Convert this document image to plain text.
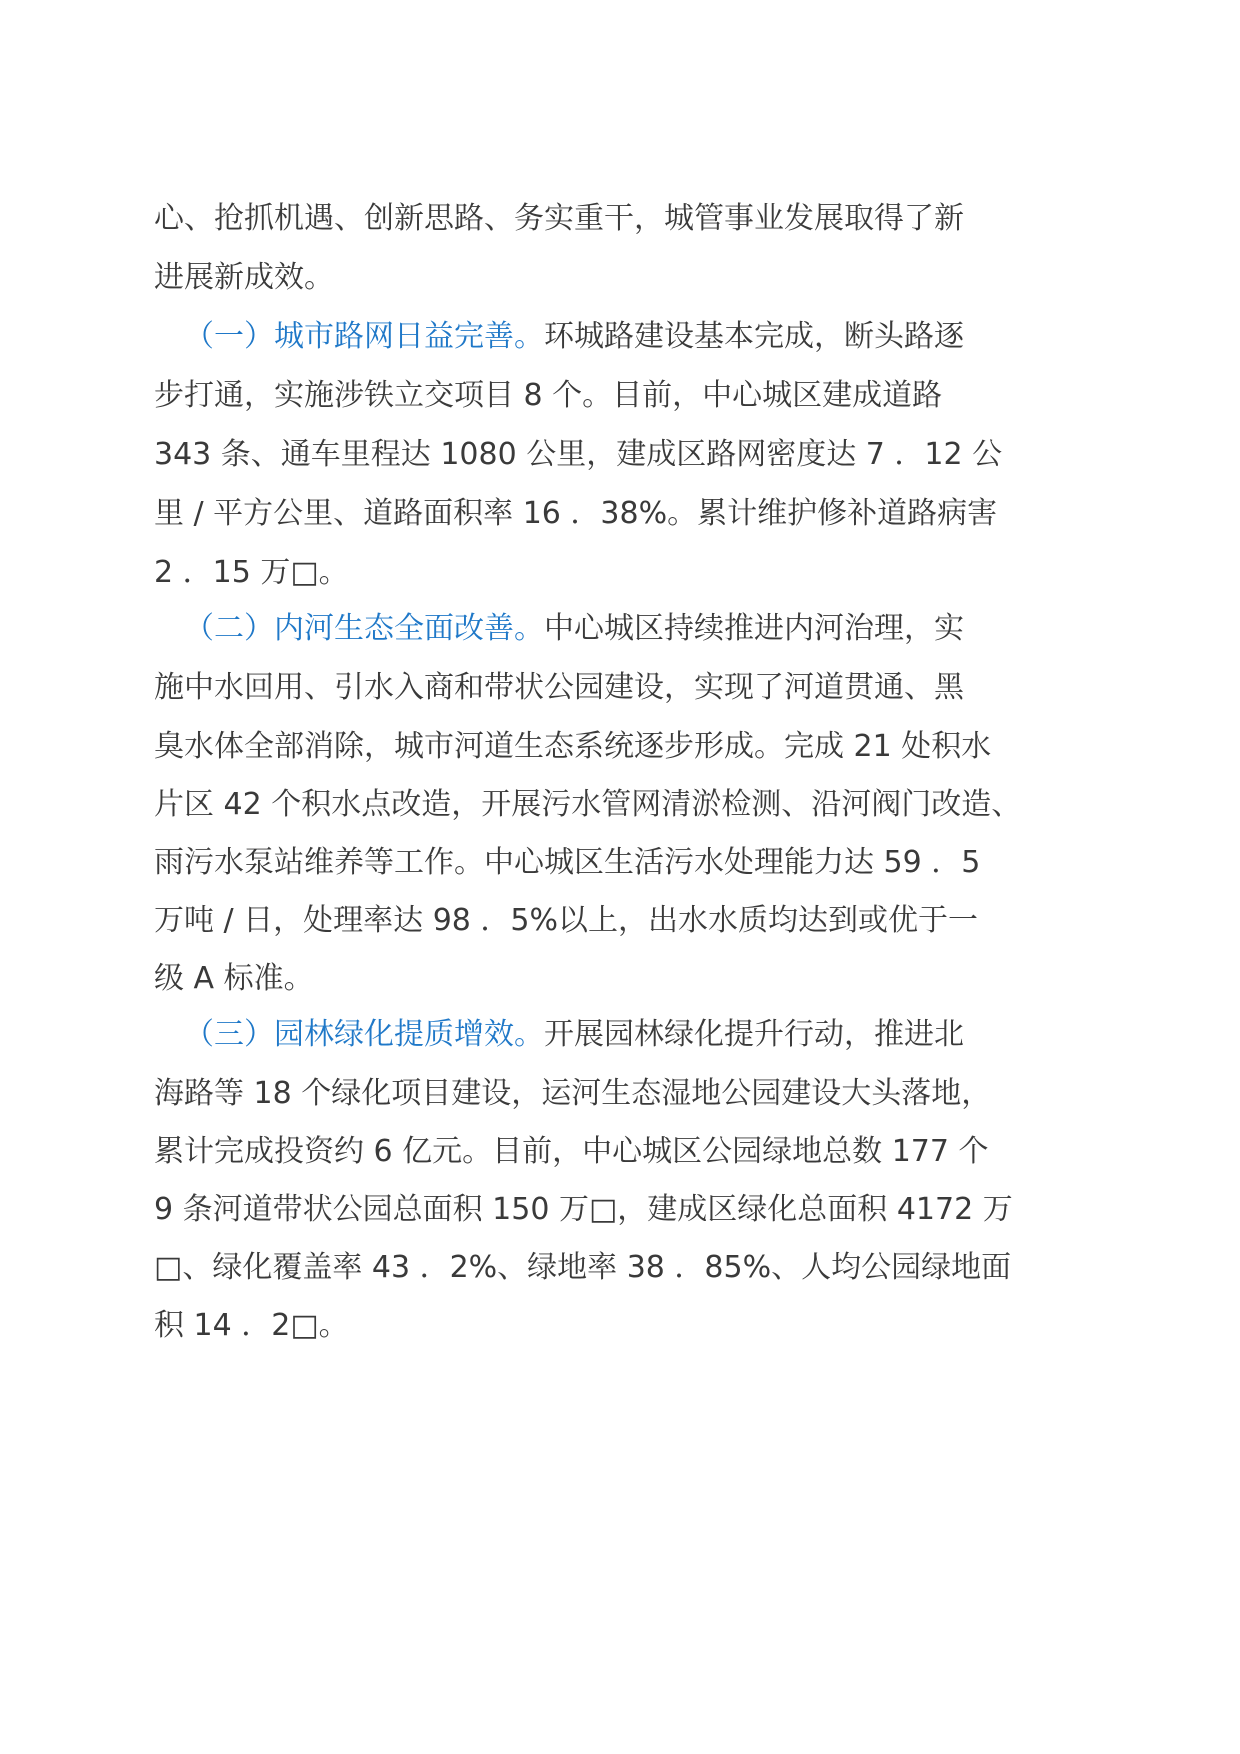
心、抢抓机遇、创新思路、务实重干，城管事业发展取得了新
进展新成效。
（一）城市路网日益完善。环城路建设基本完成，断头路逐
步打通，实施涉铁立交项目 8 个。目前，中心城区建成道路
343 条、通车里程达 1080 公里，建成区路网密度达 7 ．12 公
里 / 平方公里、道路面积率 16 ．38%。累计维护修补道路病害
2 ．15 万□。
（二）内河生态全面改善。中心城区持续推进内河治理，实
施中水回用、引水入商和带状公园建设，实现了河道贯通、黑
臭水体全部消除，城市河道生态系统逐步形成。完成 21 处积水
片区 42 个积水点改造，开展污水管网清淤检测、沿河阀门改造、
雨污水泵站维养等工作。中心城区生活污水处理能力达 59 ．5
万吨 / 日，处理率达 98 ．5%以上，出水水质均达到或优于一
级 A 标准。
（三）园林绿化提质增效。开展园林绿化提升行动，推进北
海路等 18 个绿化项目建设，运河生态湿地公园建设大头落地，
累计完成投资约 6 亿元。目前，中心城区公园绿地总数 177 个
9 条河道带状公园总面积 150 万□，建成区绿化总面积 4172 万
□、绿化覆盖率 43 ．2%、绿地率 38 ．85%、人均公园绿地面
积 14 ．2□。
